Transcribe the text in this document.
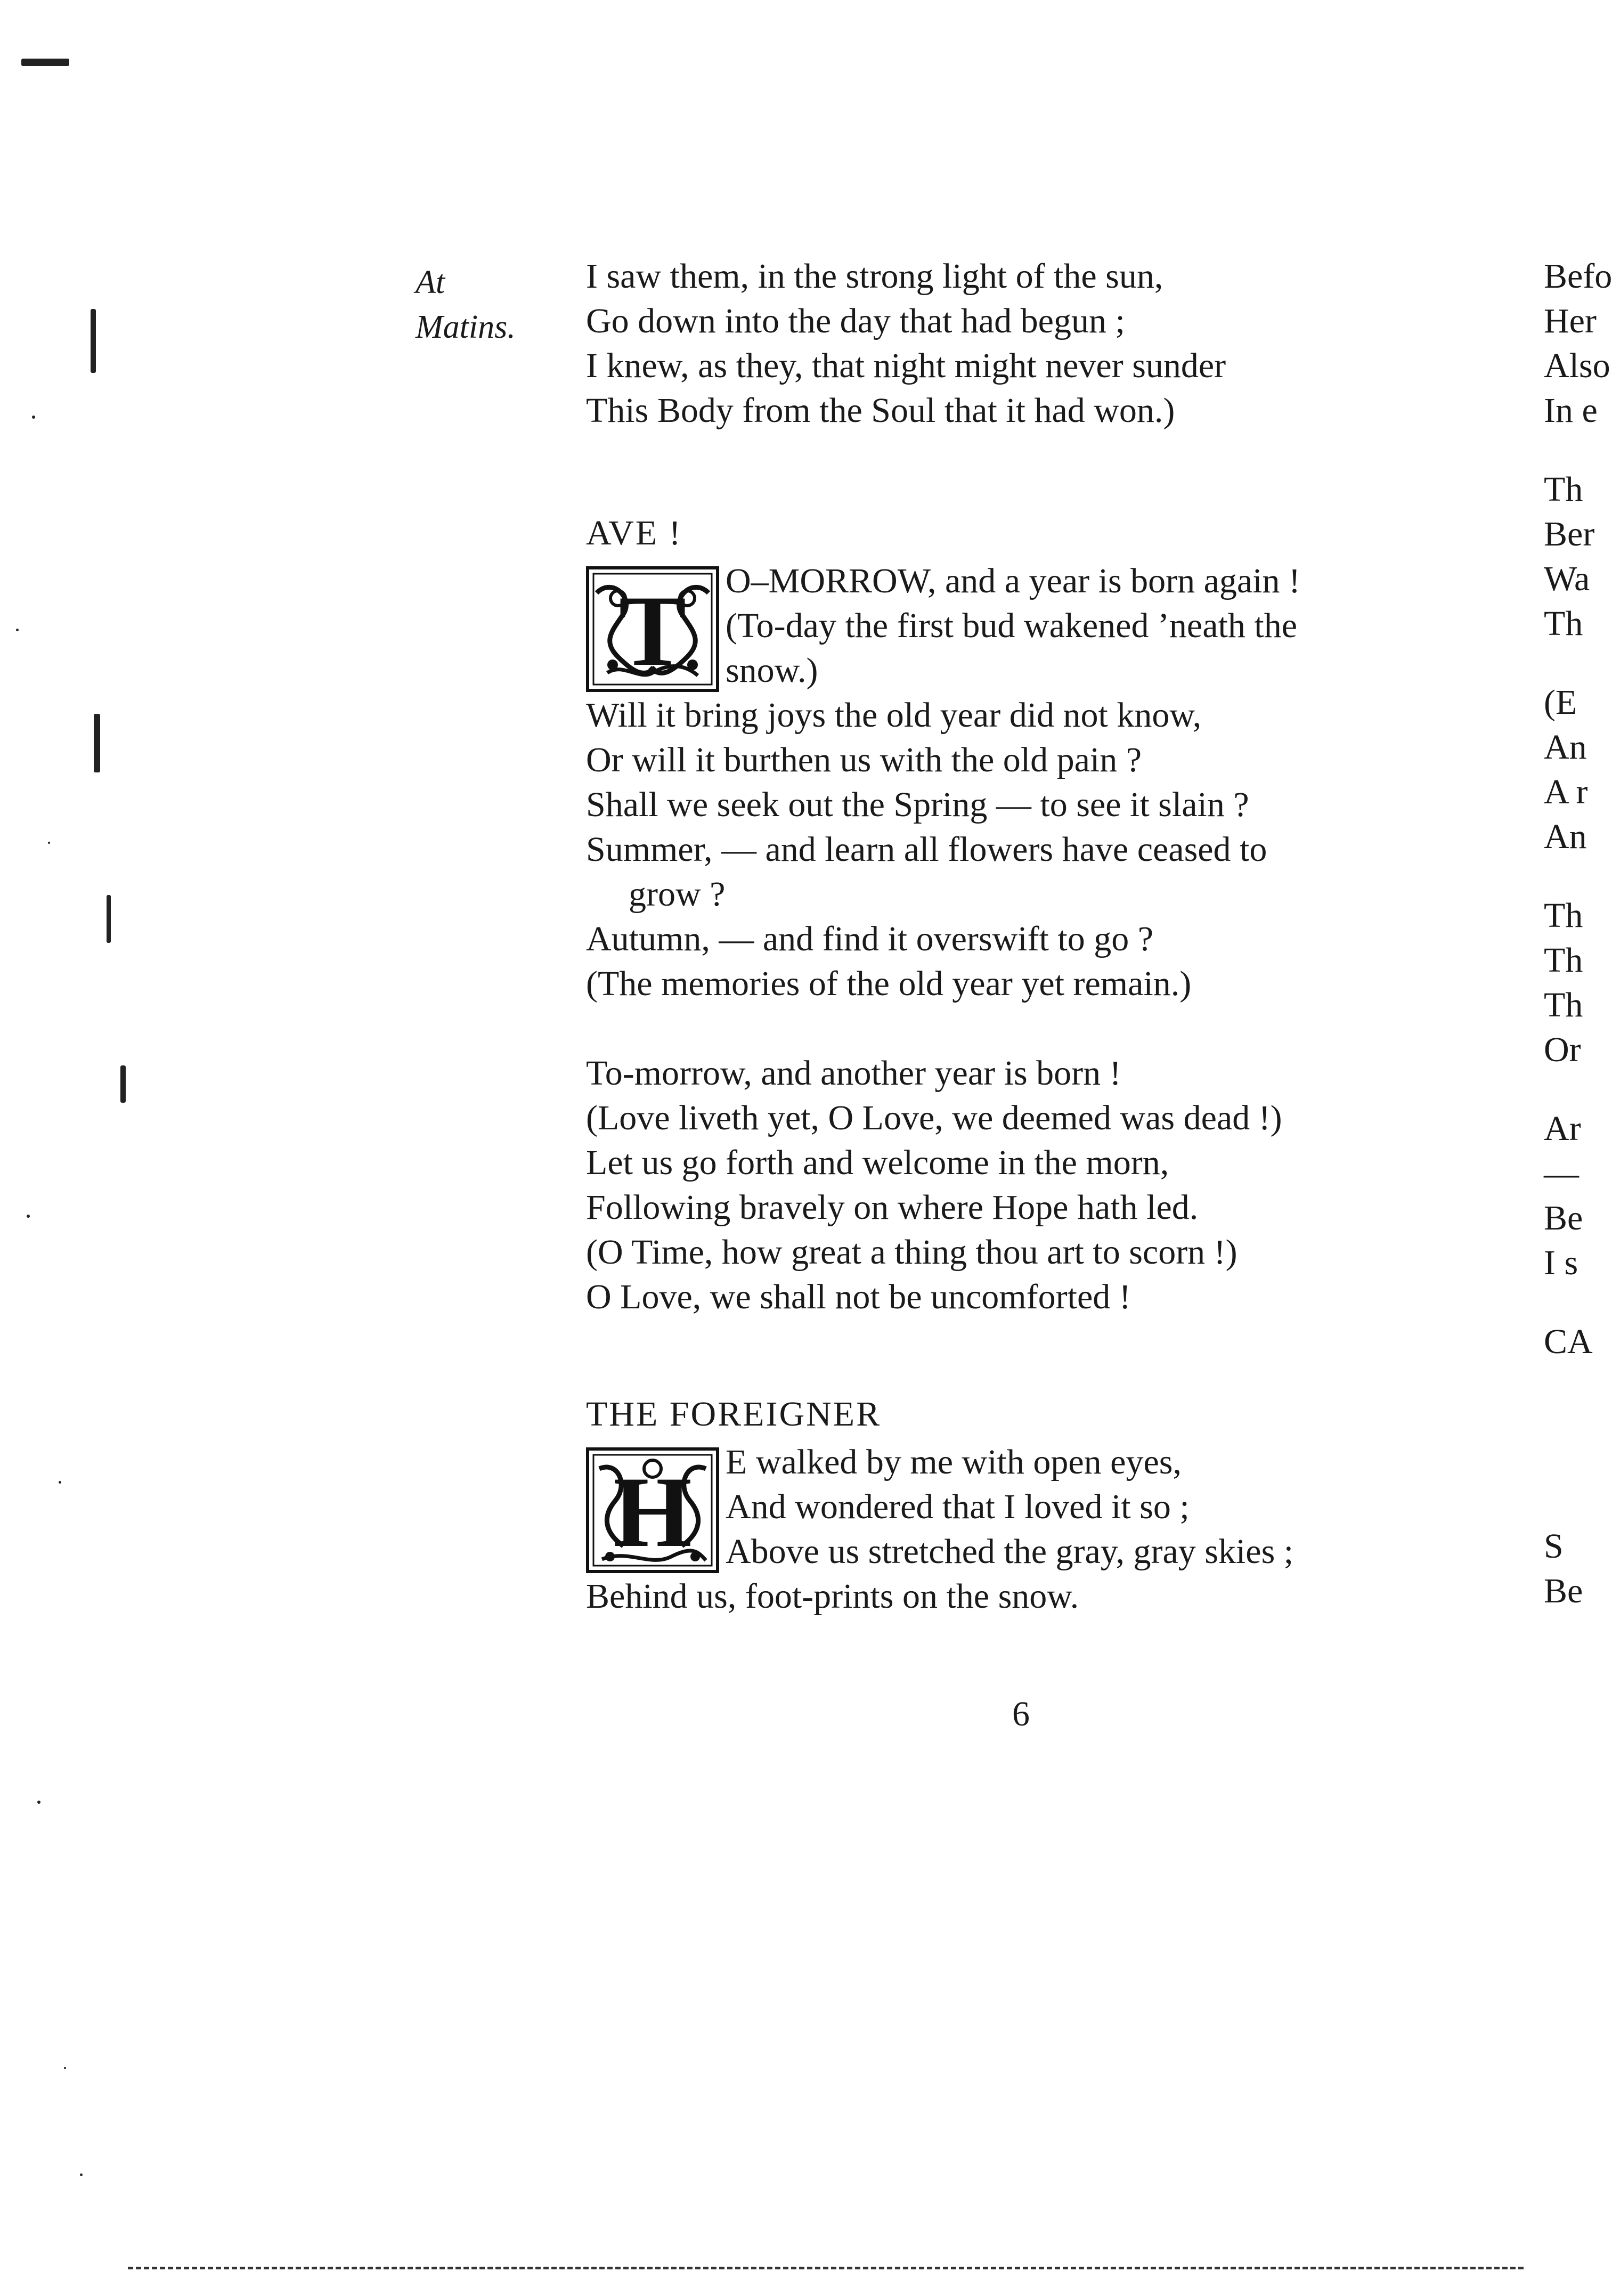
At
Matins.
I saw them, in the strong light of the sun,
Go down into the day that had begun ;
I knew, as they, that night might never sunder
This Body from the Soul that it had won.)
AVE !
T O–MORROW, and a year is born again !
(To-day the first bud wakened ’neath the
snow.)
Will it bring joys the old year did not know,
Or will it burthen us with the old pain ?
Shall we seek out the Spring — to see it slain ?
Summer, — and learn all flowers have ceased to
grow ?
Autumn, — and find it overswift to go ?
(The memories of the old year yet remain.)
To-morrow, and another year is born !
(Love liveth yet, O Love, we deemed was dead !)
Let us go forth and welcome in the morn,
Following bravely on where Hope hath led.
(O Time, how great a thing thou art to scorn !)
O Love, we shall not be uncomforted !
THE FOREIGNER
H E walked by me with open eyes,
And wondered that I loved it so ;
Above us stretched the gray, gray skies ;
Behind us, foot-prints on the snow.
6
Befo
Her
Also
In e
Th
Ber
Wa
Th
(E
An
A r
An
Th
Th
Th
Or
Ar
—
Be
I s
CA
S
Be
